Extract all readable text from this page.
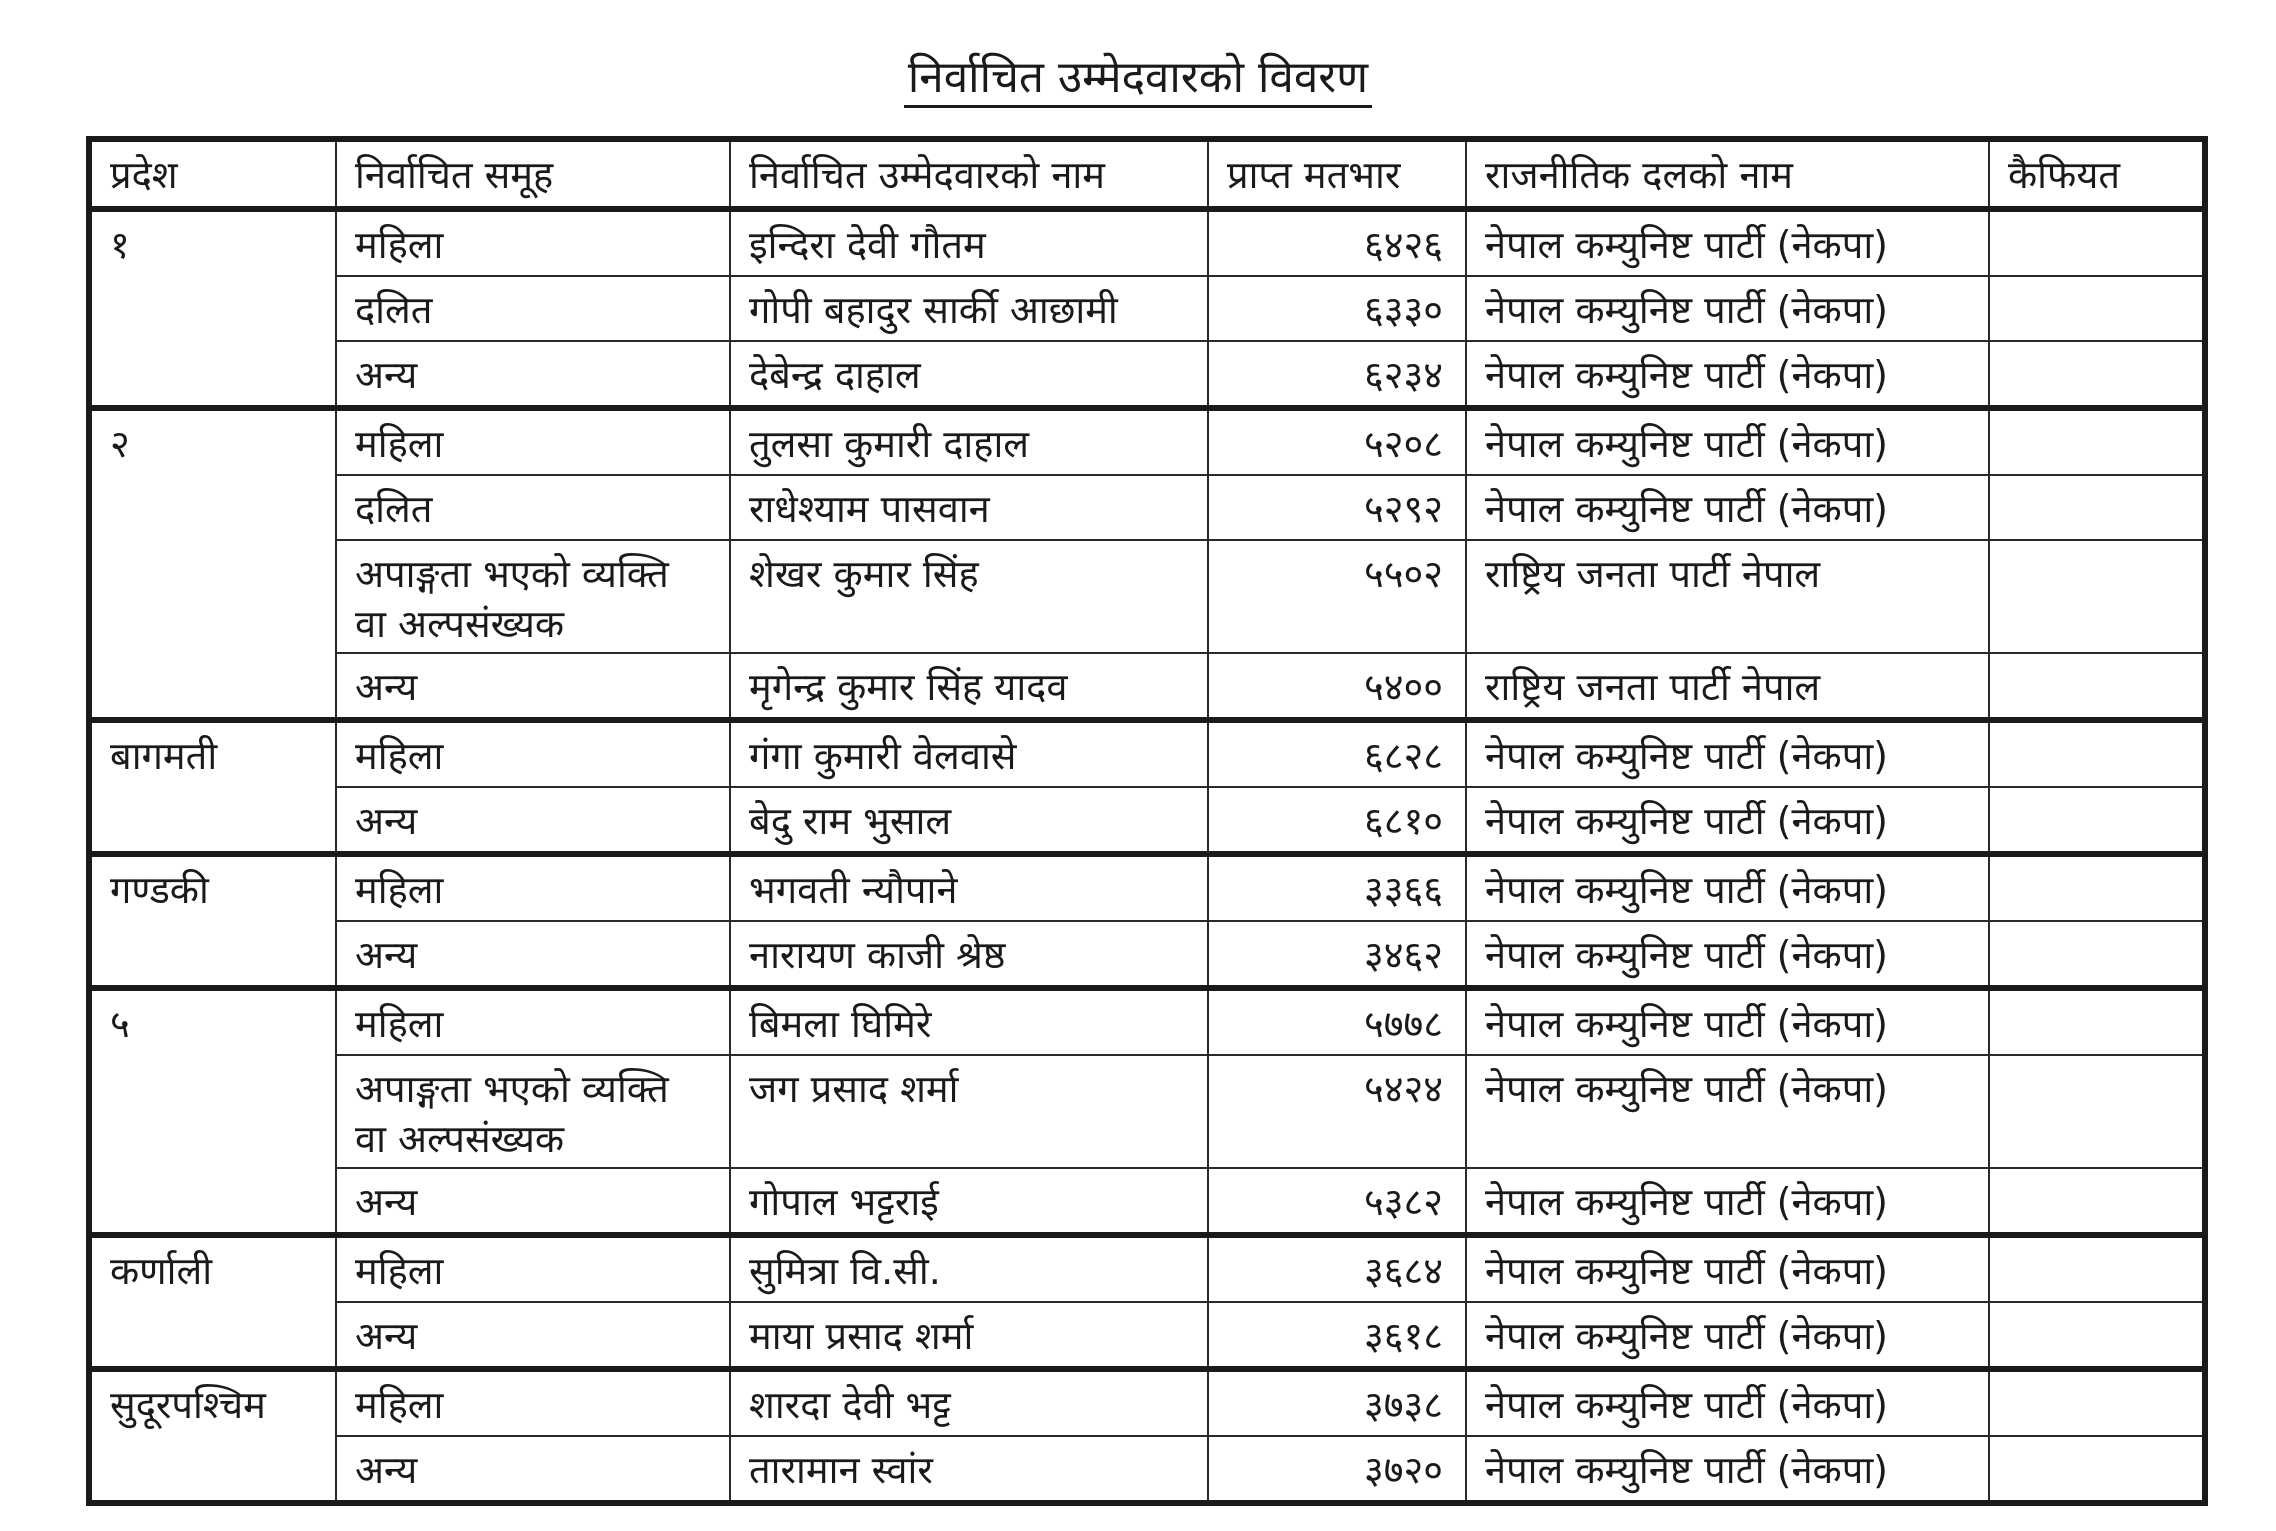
निर्वाचित उम्मेदवारको विवरण
प्रदेश	निर्वाचित समूह	निर्वाचित उम्मेदवारको नाम	प्राप्त मतभार	राजनीतिक दलको नाम	कैफियत
१	महिला	इन्दिरा देवी गौतम	६४२६	नेपाल कम्युनिष्ट पार्टी (नेकपा)	
	दलित	गोपी बहादुर सार्की आछामी	६३३०	नेपाल कम्युनिष्ट पार्टी (नेकपा)	
	अन्य	देबेन्द्र दाहाल	६२३४	नेपाल कम्युनिष्ट पार्टी (नेकपा)	
२	महिला	तुलसा कुमारी दाहाल	५२०८	नेपाल कम्युनिष्ट पार्टी (नेकपा)	
	दलित	राधेश्याम पासवान	५२९२	नेपाल कम्युनिष्ट पार्टी (नेकपा)	
	अपाङ्गता भएको व्यक्ति वा अल्पसंख्यक	शेखर कुमार सिंह	५५०२	राष्ट्रिय जनता पार्टी नेपाल	
	अन्य	मृगेन्द्र कुमार सिंह यादव	५४००	राष्ट्रिय जनता पार्टी नेपाल	
बागमती	महिला	गंगा कुमारी वेलवासे	६८२८	नेपाल कम्युनिष्ट पार्टी (नेकपा)	
	अन्य	बेदु राम भुसाल	६८१०	नेपाल कम्युनिष्ट पार्टी (नेकपा)	
गण्डकी	महिला	भगवती न्यौपाने	३३६६	नेपाल कम्युनिष्ट पार्टी (नेकपा)	
	अन्य	नारायण काजी श्रेष्ठ	३४६२	नेपाल कम्युनिष्ट पार्टी (नेकपा)	
५	महिला	बिमला घिमिरे	५७७८	नेपाल कम्युनिष्ट पार्टी (नेकपा)	
	अपाङ्गता भएको व्यक्ति वा अल्पसंख्यक	जग प्रसाद शर्मा	५४२४	नेपाल कम्युनिष्ट पार्टी (नेकपा)	
	अन्य	गोपाल भट्टराई	५३८२	नेपाल कम्युनिष्ट पार्टी (नेकपा)	
कर्णाली	महिला	सुमित्रा वि.सी.	३६८४	नेपाल कम्युनिष्ट पार्टी (नेकपा)	
	अन्य	माया प्रसाद शर्मा	३६१८	नेपाल कम्युनिष्ट पार्टी (नेकपा)	
सुदूरपश्चिम	महिला	शारदा देवी भट्ट	३७३८	नेपाल कम्युनिष्ट पार्टी (नेकपा)	
	अन्य	तारामान स्वांर	३७२०	नेपाल कम्युनिष्ट पार्टी (नेकपा)	
